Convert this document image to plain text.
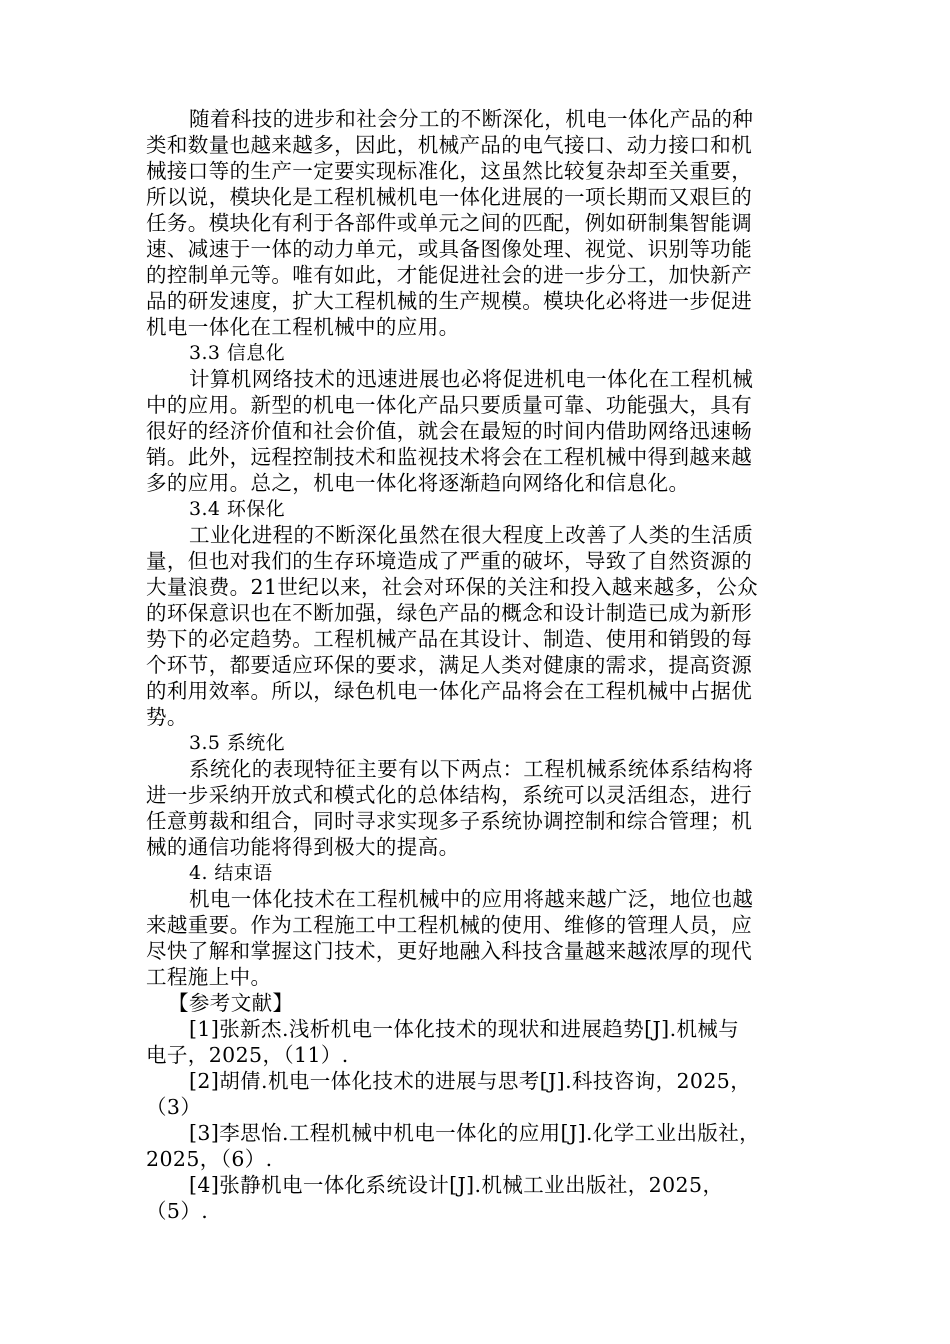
随着科技的进步和社会分工的不断深化，机电一体化产品的种
类和数量也越来越多，因此，机械产品的电气接口、动力接口和机
械接口等的生产一定要实现标准化，这虽然比较复杂却至关重要，
所以说，模块化是工程机械机电一体化进展的一项长期而又艰巨的
任务。模块化有利于各部件或单元之间的匹配，例如研制集智能调
速、减速于一体的动力单元，或具备图像处理、视觉、识别等功能
的控制单元等。唯有如此，才能促进社会的进一步分工，加快新产
品的研发速度，扩大工程机械的生产规模。模块化必将进一步促进
机电一体化在工程机械中的应用。
3.3 信息化
计算机网络技术的迅速进展也必将促进机电一体化在工程机械
中的应用。新型的机电一体化产品只要质量可靠、功能强大，具有
很好的经济价值和社会价值，就会在最短的时间内借助网络迅速畅
销。此外，远程控制技术和监视技术将会在工程机械中得到越来越
多的应用。总之，机电一体化将逐渐趋向网络化和信息化。
3.4 环保化
工业化进程的不断深化虽然在很大程度上改善了人类的生活质
量，但也对我们的生存环境造成了严重的破坏，导致了自然资源的
大量浪费。21世纪以来，社会对环保的关注和投入越来越多，公众
的环保意识也在不断加强，绿色产品的概念和设计制造已成为新形
势下的必定趋势。工程机械产品在其设计、制造、使用和销毁的每
个环节，都要适应环保的要求，满足人类对健康的需求，提高资源
的利用效率。所以，绿色机电一体化产品将会在工程机械中占据优
势。
3.5 系统化
系统化的表现特征主要有以下两点：工程机械系统体系结构将
进一步采纳开放式和模式化的总体结构，系统可以灵活组态，进行
任意剪裁和组合，同时寻求实现多子系统协调控制和综合管理；机
械的通信功能将得到极大的提高。
4. 结束语
机电一体化技术在工程机械中的应用将越来越广泛，地位也越
来越重要。作为工程施工中工程机械的使用、维修的管理人员，应
尽快了解和掌握这门技术，更好地融入科技含量越来越浓厚的现代
工程施上中。
【参考文献】
[1]张新杰.浅析机电一体化技术的现状和进展趋势[J].机械与
电子，2025，（11）.
[2]胡倩.机电一体化技术的进展与思考[J].科技咨询，2025，
（3）
[3]李思怡.工程机械中机电一体化的应用[J].化学工业出版社，
2025，（6）.
[4]张静机电一体化系统设计[J].机械工业出版社，2025，
（5）.
